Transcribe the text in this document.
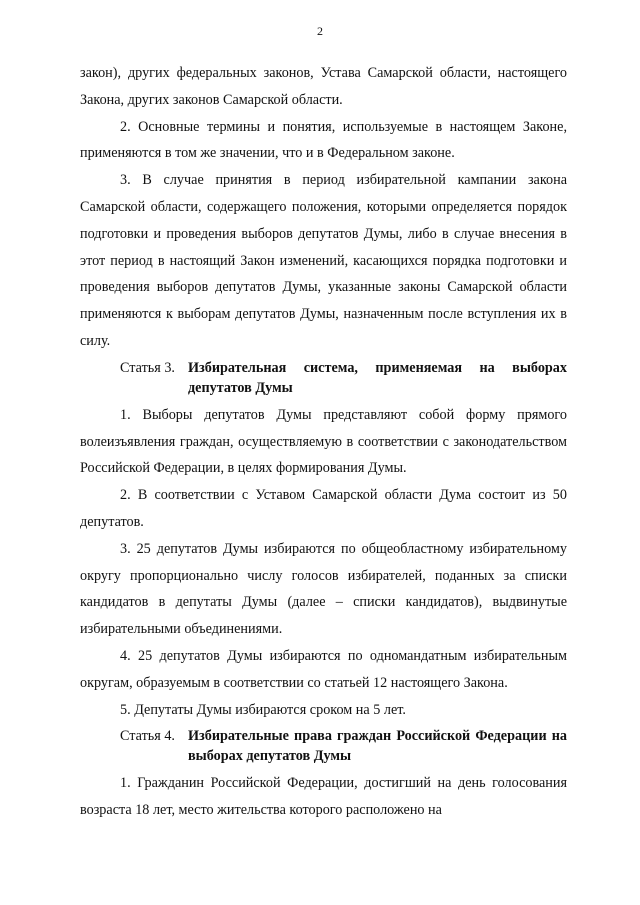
2

закон), других федеральных законов, Устава Самарской области, настоящего Закона, других законов Самарской области.

2. Основные термины и понятия, используемые в настоящем Законе, применяются в том же значении, что и в Федеральном законе.

3. В случае принятия в период избирательной кампании закона Самарской области, содержащего положения, которыми определяется порядок подготовки и проведения выборов депутатов Думы, либо в случае внесения в этот период в настоящий Закон изменений, касающихся порядка подготовки и проведения выборов депутатов Думы, указанные законы Самарской области применяются к выборам депутатов Думы, назначенным после вступления их в силу.

Статья 3. Избирательная система, применяемая на выборах депутатов Думы

1. Выборы депутатов Думы представляют собой форму прямого волеизъявления граждан, осуществляемую в соответствии с законодательством Российской Федерации, в целях формирования Думы.

2. В соответствии с Уставом Самарской области Дума состоит из 50 депутатов.

3. 25 депутатов Думы избираются по общеобластному избирательному округу пропорционально числу голосов избирателей, поданных за списки кандидатов в депутаты Думы (далее – списки кандидатов), выдвинутые избирательными объединениями.

4. 25 депутатов Думы избираются по одномандатным избирательным округам, образуемым в соответствии со статьей 12 настоящего Закона.

5. Депутаты Думы избираются сроком на 5 лет.

Статья 4. Избирательные права граждан Российской Федерации на выборах депутатов Думы

1. Гражданин Российской Федерации, достигший на день голосования возраста 18 лет, место жительства которого расположено на
